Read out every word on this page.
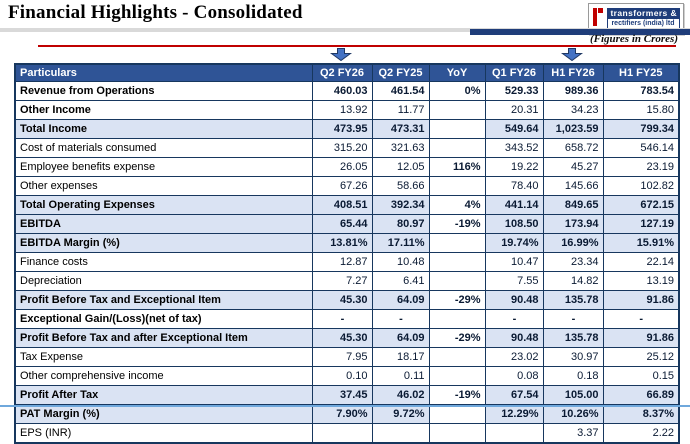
Financial Highlights - Consolidated	transformers &
rectifiers (india) ltd
(Figures in Crores)
Particulars	Q2 FY26	Q2 FY25	YoY	Q1 FY26	H1 FY26	H1 FY25
Revenue from Operations	460.03	461.54	0%	529.33	989.36	783.54
Other Income	13.92	11.77		20.31	34.23	15.80
Total Income	473.95	473.31		549.64	1,023.59	799.34
Cost of materials consumed	315.20	321.63		343.52	658.72	546.14
Employee benefits expense	26.05	12.05	116%	19.22	45.27	23.19
Other expenses	67.26	58.66		78.40	145.66	102.82
Total Operating Expenses	408.51	392.34	4%	441.14	849.65	672.15
EBITDA	65.44	80.97	-19%	108.50	173.94	127.19
EBITDA Margin (%)	13.81%	17.11%		19.74%	16.99%	15.91%
Finance costs	12.87	10.48		10.47	23.34	22.14
Depreciation	7.27	6.41		7.55	14.82	13.19
Profit Before Tax and Exceptional Item	45.30	64.09	-29%	90.48	135.78	91.86
Exceptional Gain/(Loss)(net of tax)	-	-		-	-	-
Profit Before Tax and after Exceptional Item	45.30	64.09	-29%	90.48	135.78	91.86
Tax Expense	7.95	18.17		23.02	30.97	25.12
Other comprehensive income	0.10	0.11		0.08	0.18	0.15
Profit After Tax	37.45	46.02	-19%	67.54	105.00	66.89
PAT Margin (%)	7.90%	9.72%		12.29%	10.26%	8.37%
EPS (INR)					3.37	2.22
